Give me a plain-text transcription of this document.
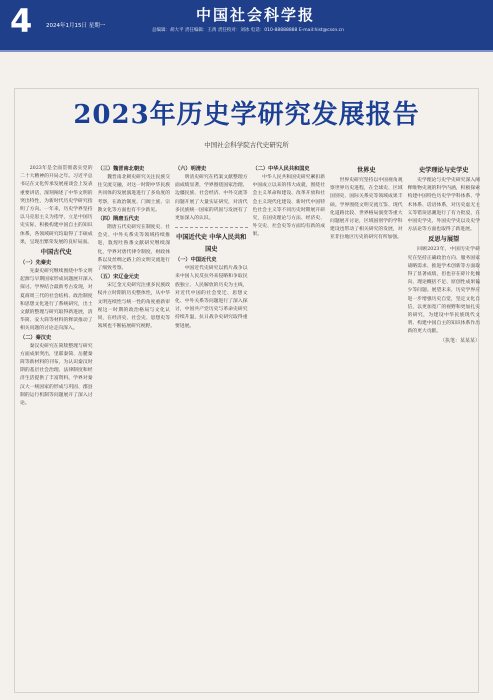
4 2024年1月15日 星期一
中国社会科学报
总编辑：胡大平 责任编辑：王禹 责任校对：刘冰 电话：010-88888888 E-mail:hist@cssn.cn
2023年历史学研究发展报告
中国社会科学院古代史研究所

2023年是全面贯彻落实党的二十大精神的开局之年。习近平总书记在文化传承发展座谈会上发表重要讲话，深刻阐述了中华文明的突出特性，为新时代历史学研究指明了方向。一年来，历史学界坚持以马克思主义为指导，立足中国历史实际，积极构建中国自主的知识体系，各领域研究均取得了丰硕成果，呈现出繁荣发展的良好局面。

中国古代史
（一）先秦史

先秦史研究继续围绕中华文明起源与早期国家形成问题展开深入探讨。学界结合最新考古发现，对夏商周三代的社会结构、政治制度和思想文化进行了系统研究，出土文献的整理与研究取得新进展，清华简、安大简等材料的释读推动了相关问题的讨论走向深入。

（二）秦汉史

秦汉史研究在简牍整理与研究方面成果突出，里耶秦简、岳麓秦简等新材料的刊布，为认识秦汉时期的基层社会治理、法律制度和经济生活提供了丰富资料。学界对秦汉大一统国家的形成与巩固、郡县制的运行机制等问题展开了深入讨论。

（三）魏晋南北朝史

魏晋南北朝史研究关注民族交往交流交融，对这一时期中华民族共同体的发展演进进行了多角度的考察，在政治制度、门阀士族、宗教文化等方面也有不少新见。

（四）隋唐五代史

隋唐五代史研究在制度史、社会史、中外关系史等领域持续推进，敦煌吐鲁番文献研究继续深化，学界对唐代律令制度、财政体系以及丝绸之路上的文明交流进行了细致考察。

（五）宋辽金元史

宋辽金元史研究注重多民族政权并立时期的历史整体性，从中华文明连续性与统一性的角度重新审视这一时期的政治格局与文化认同，在经济史、社会史、思想史等领域也不断拓展研究视野。

（六）明清史

明清史研究在档案文献整理方面成绩显著，学界围绕国家治理、边疆民族、社会经济、中外交流等问题开展了大量实证研究，对清代多民族统一国家的巩固与发展有了更加深入的认识。

中国近代史 中华人民共和国史
（一）中国近代史

中国近代史研究以鸦片战争以来中国人民反抗外来侵略和争取民族独立、人民解放的历史为主线，对近代中国的社会变迁、思想文化、中外关系等问题进行了深入探讨，中国共产党历史与革命史研究持续升温，抗日战争史研究取得重要进展。

（二）中华人民共和国史

中华人民共和国史研究紧扣新中国成立以来的伟大成就，围绕社会主义革命和建设、改革开放和社会主义现代化建设、新时代中国特色社会主义等不同历史时期展开研究，在国史理论与方法、经济史、外交史、社会史等方面均有新的成果。

世界史

世界史研究坚持以中国视角观察世界历史进程，在全球史、区域国别史、国际关系史等领域成果丰硕。学界围绕文明交流互鉴、现代化道路比较、世界格局演变等重大问题展开讨论，区域国别学的学科建设也带动了相关研究的发展，对亚非拉地区历史的研究有所加强。

史学理论与史学史

史学理论与史学史研究深入阐释唯物史观的科学内涵，积极探索构建中国特色历史学学科体系、学术体系、话语体系，对历史虚无主义等错误思潮进行了有力批驳，在中国史学史、外国史学史以及史学方法论等方面也取得了新进展。

反思与展望

回顾2023年，中国历史学研究在坚持正确政治方向、服务国家战略需求、推进学术创新等方面取得了显著成绩，但也存在碎片化倾向、理论概括不足、原创性成果偏少等问题。展望未来，历史学界应进一步增强历史自觉，坚定文化自信，以更加宽广的视野和更加扎实的研究，为建设中华民族现代文明、构建中国自主的知识体系作出新的更大贡献。

（执笔：某某某）
